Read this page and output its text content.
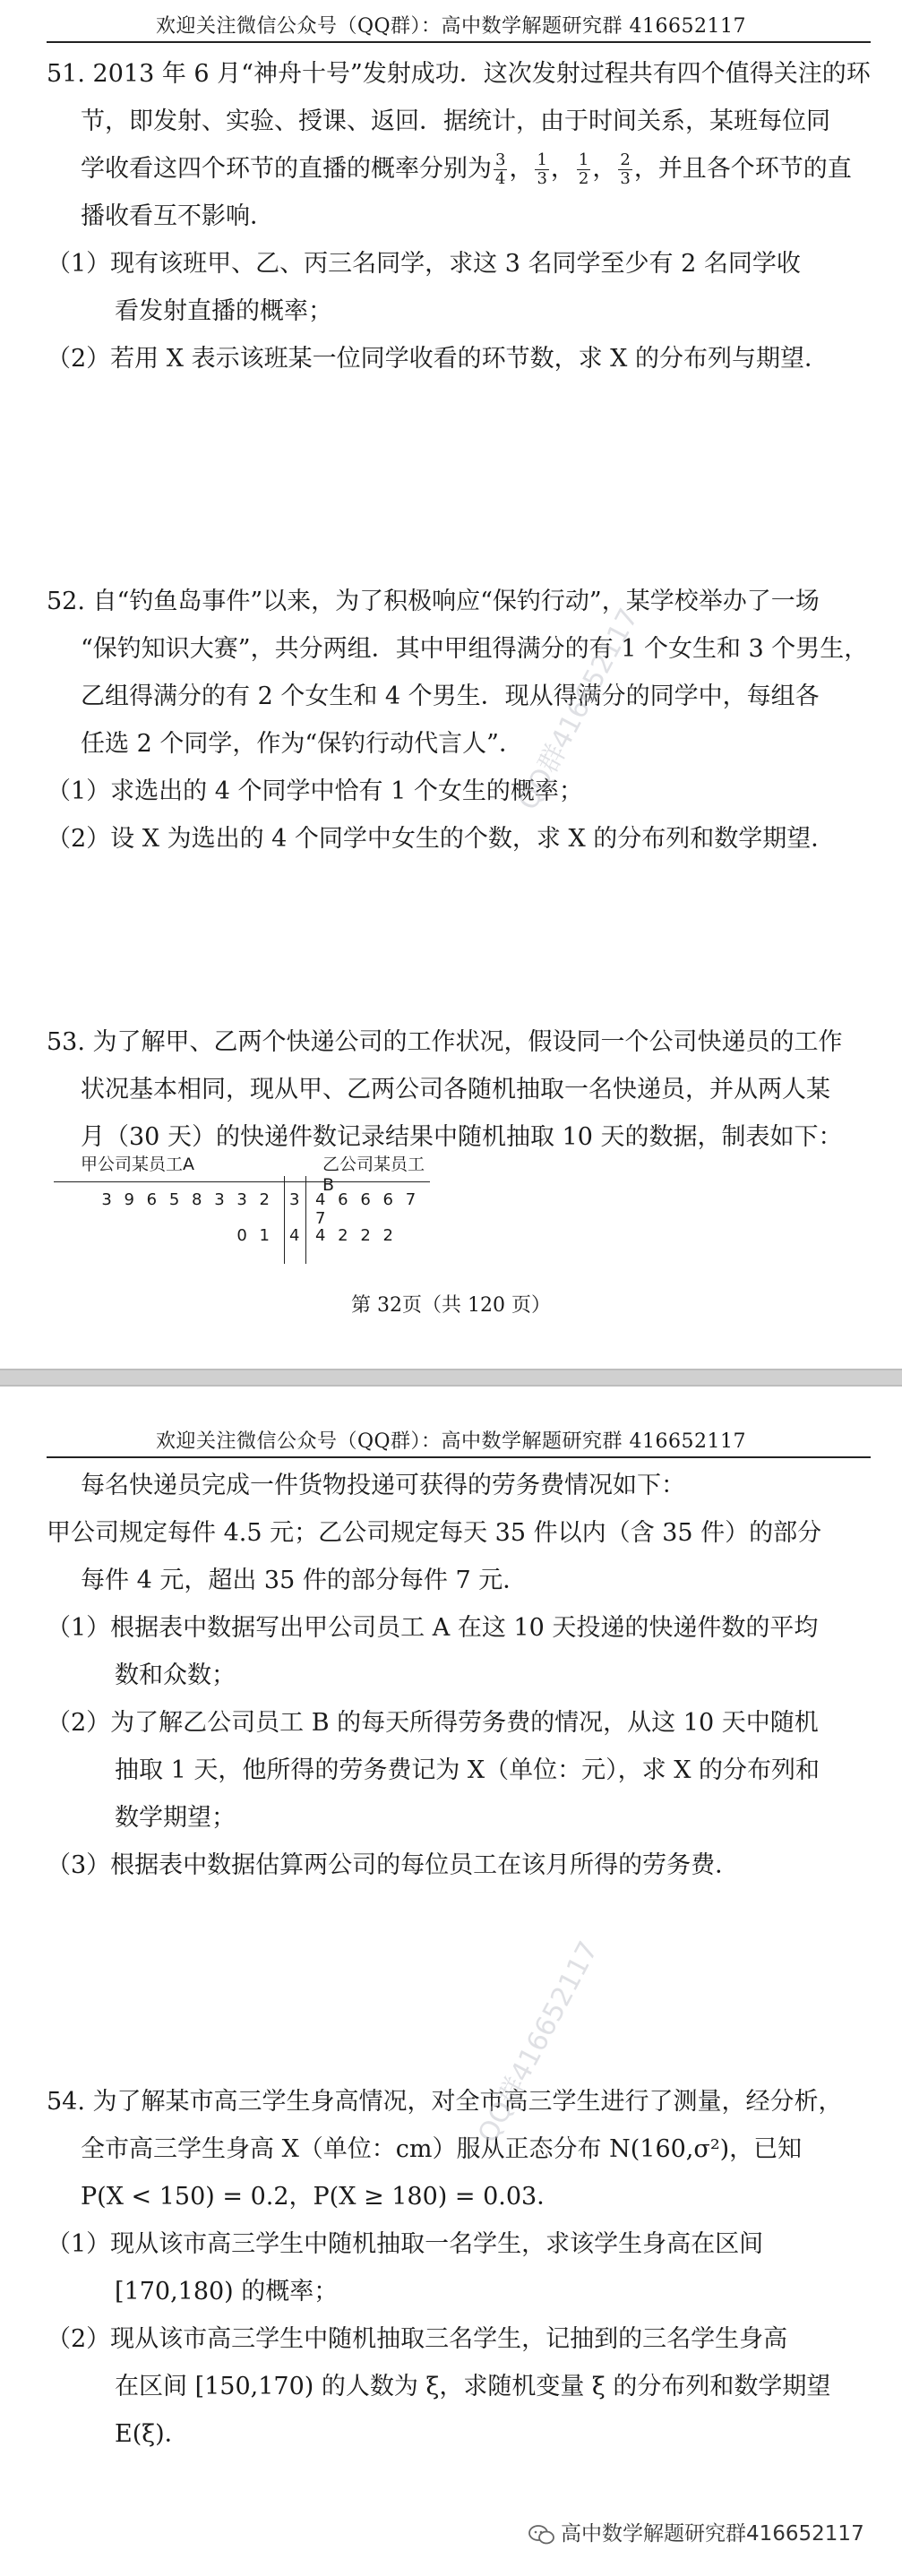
欢迎关注微信公众号（QQ群）：高中数学解题研究群 416652117

51. 2013 年 6 月“神舟十号”发射成功．这次发射过程共有四个值得关注的环

节，即发射、实验、授课、返回．据统计，由于时间关系，某班每位同

学收看这四个环节的直播的概率分别为 $\frac{3}{4}$ ， $\frac{1}{3}$ ， $\frac{1}{2}$ ， $\frac{2}{3}$ ，并且各个环节的直

播收看互不影响．

（1）现有该班甲、乙、丙三名同学，求这 3 名同学至少有 2 名同学收

看发射直播的概率；

（2）若用 X 表示该班某一位同学收看的环节数，求 X 的分布列与期望．

52. 自“钓鱼岛事件”以来，为了积极响应“保钓行动”，某学校举办了一场

“保钓知识大赛”，共分两组．其中甲组得满分的有 1 个女生和 3 个男生，

乙组得满分的有 2 个女生和 4 个男生．现从得满分的同学中，每组各

任选 2 个同学，作为“保钓行动代言人”．

（1）求选出的 4 个同学中恰有 1 个女生的概率；

（2）设 X 为选出的 4 个同学中女生的个数，求 X 的分布列和数学期望．

53. 为了解甲、乙两个快递公司的工作状况，假设同一个公司快递员的工作

状况基本相同，现从甲、乙两公司各随机抽取一名快递员，并从两人某

月（30 天）的快递件数记录结果中随机抽取 10 天的数据，制表如下：

甲公司某员工A	乙公司某员工B
3 9 6 5 8 3 3 2 3 4 6 6 6 7 7
0 1 4 4 2 2 2
第 32页（共 120 页）
QQ群416652117
欢迎关注微信公众号（QQ群）：高中数学解题研究群 416652117

每名快递员完成一件货物投递可获得的劳务费情况如下：

甲公司规定每件 4.5 元；乙公司规定每天 35 件以内（含 35 件）的部分

每件 4 元，超出 35 件的部分每件 7 元．

（1）根据表中数据写出甲公司员工 A 在这 10 天投递的快递件数的平均

数和众数；

（2）为了解乙公司员工 B 的每天所得劳务费的情况，从这 10 天中随机

抽取 1 天，他所得的劳务费记为 X（单位：元），求 X 的分布列和

数学期望；

（3）根据表中数据估算两公司的每位员工在该月所得的劳务费．

54. 为了解某市高三学生身高情况，对全市高三学生进行了测量，经分析，

全市高三学生身高 X（单位：cm）服从正态分布 N(160,σ²)，已知

P(X < 150) = 0.2，P(X ≥ 180) = 0.03．

（1）现从该市高三学生中随机抽取一名学生，求该学生身高在区间

[170,180) 的概率；

（2）现从该市高三学生中随机抽取三名学生，记抽到的三名学生身高

在区间 [150,170) 的人数为 ξ，求随机变量 ξ 的分布列和数学期望

E(ξ)．

QQ群416652117
高中数学解题研究群416652117
